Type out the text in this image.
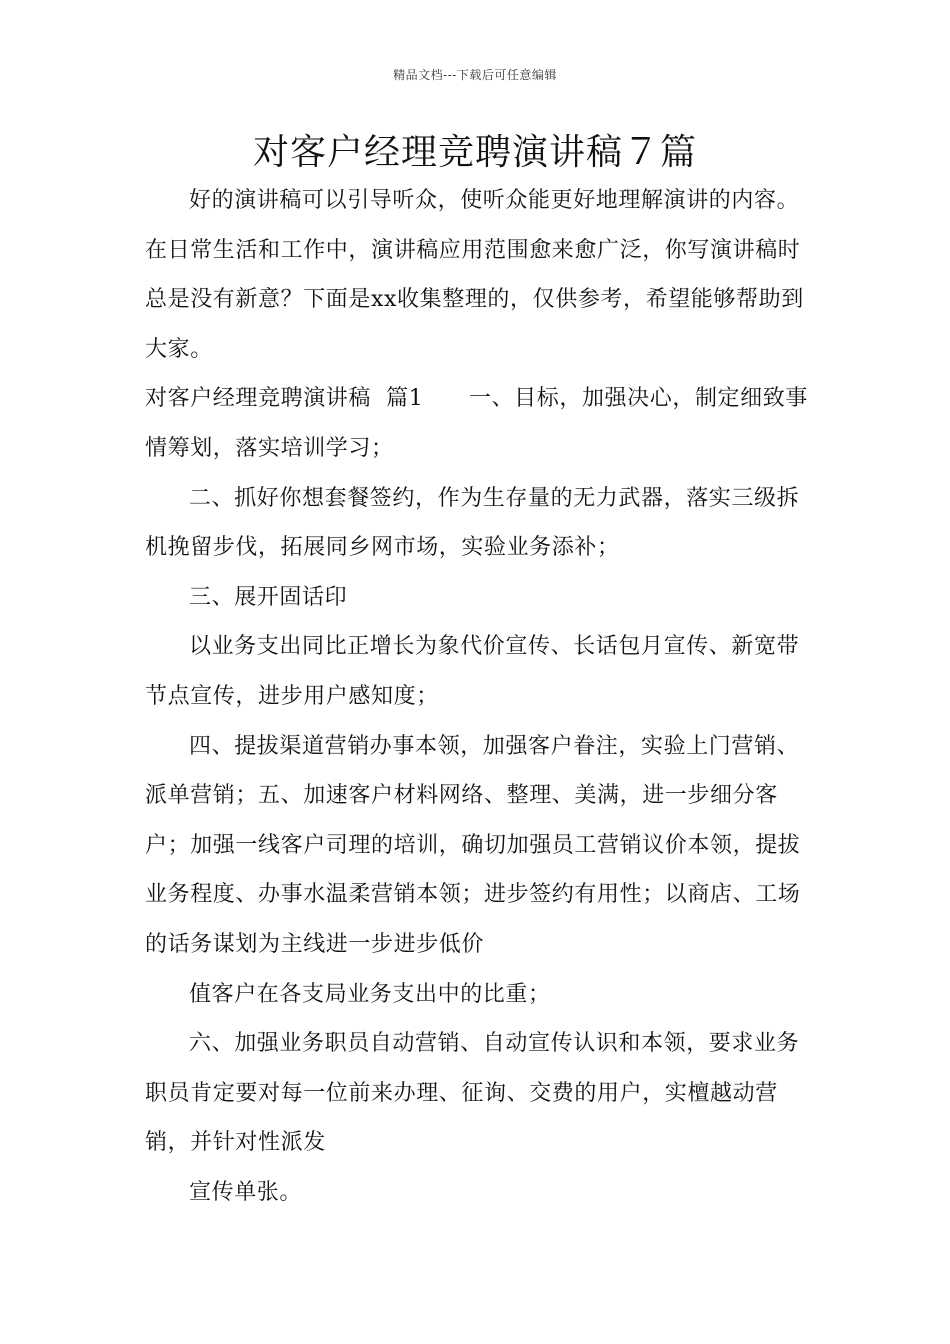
精品文档---下载后可任意编辑
对客户经理竞聘演讲稿７篇

好的演讲稿可以引导听众，使听众能更好地理解演讲的内容。在日常生活和工作中，演讲稿应用范围愈来愈广泛，你写演讲稿时总是没有新意？下面是xx收集整理的，仅供参考，希望能够帮助到大家。

对客户经理竞聘演讲稿  篇1      一、目标，加强决心，制定细致事情筹划，落实培训学习；

二、抓好你想套餐签约，作为生存量的无力武器，落实三级拆机挽留步伐，拓展同乡网市场，实验业务添补；

三、展开固话印

以业务支出同比正增长为象代价宣传、长话包月宣传、新宽带节点宣传，进步用户感知度；

四、提拔渠道营销办事本领，加强客户眷注，实验上门营销、派单营销；五、加速客户材料网络、整理、美满，进一步细分客户；加强一线客户司理的培训，确切加强员工营销议价本领，提拔业务程度、办事水温柔营销本领；进步签约有用性；以商店、工场的话务谋划为主线进一步进步低价

值客户在各支局业务支出中的比重；

六、加强业务职员自动营销、自动宣传认识和本领，要求业务职员肯定要对每一位前来办理、征询、交费的用户，实檀越动营销，并针对性派发

宣传单张。
